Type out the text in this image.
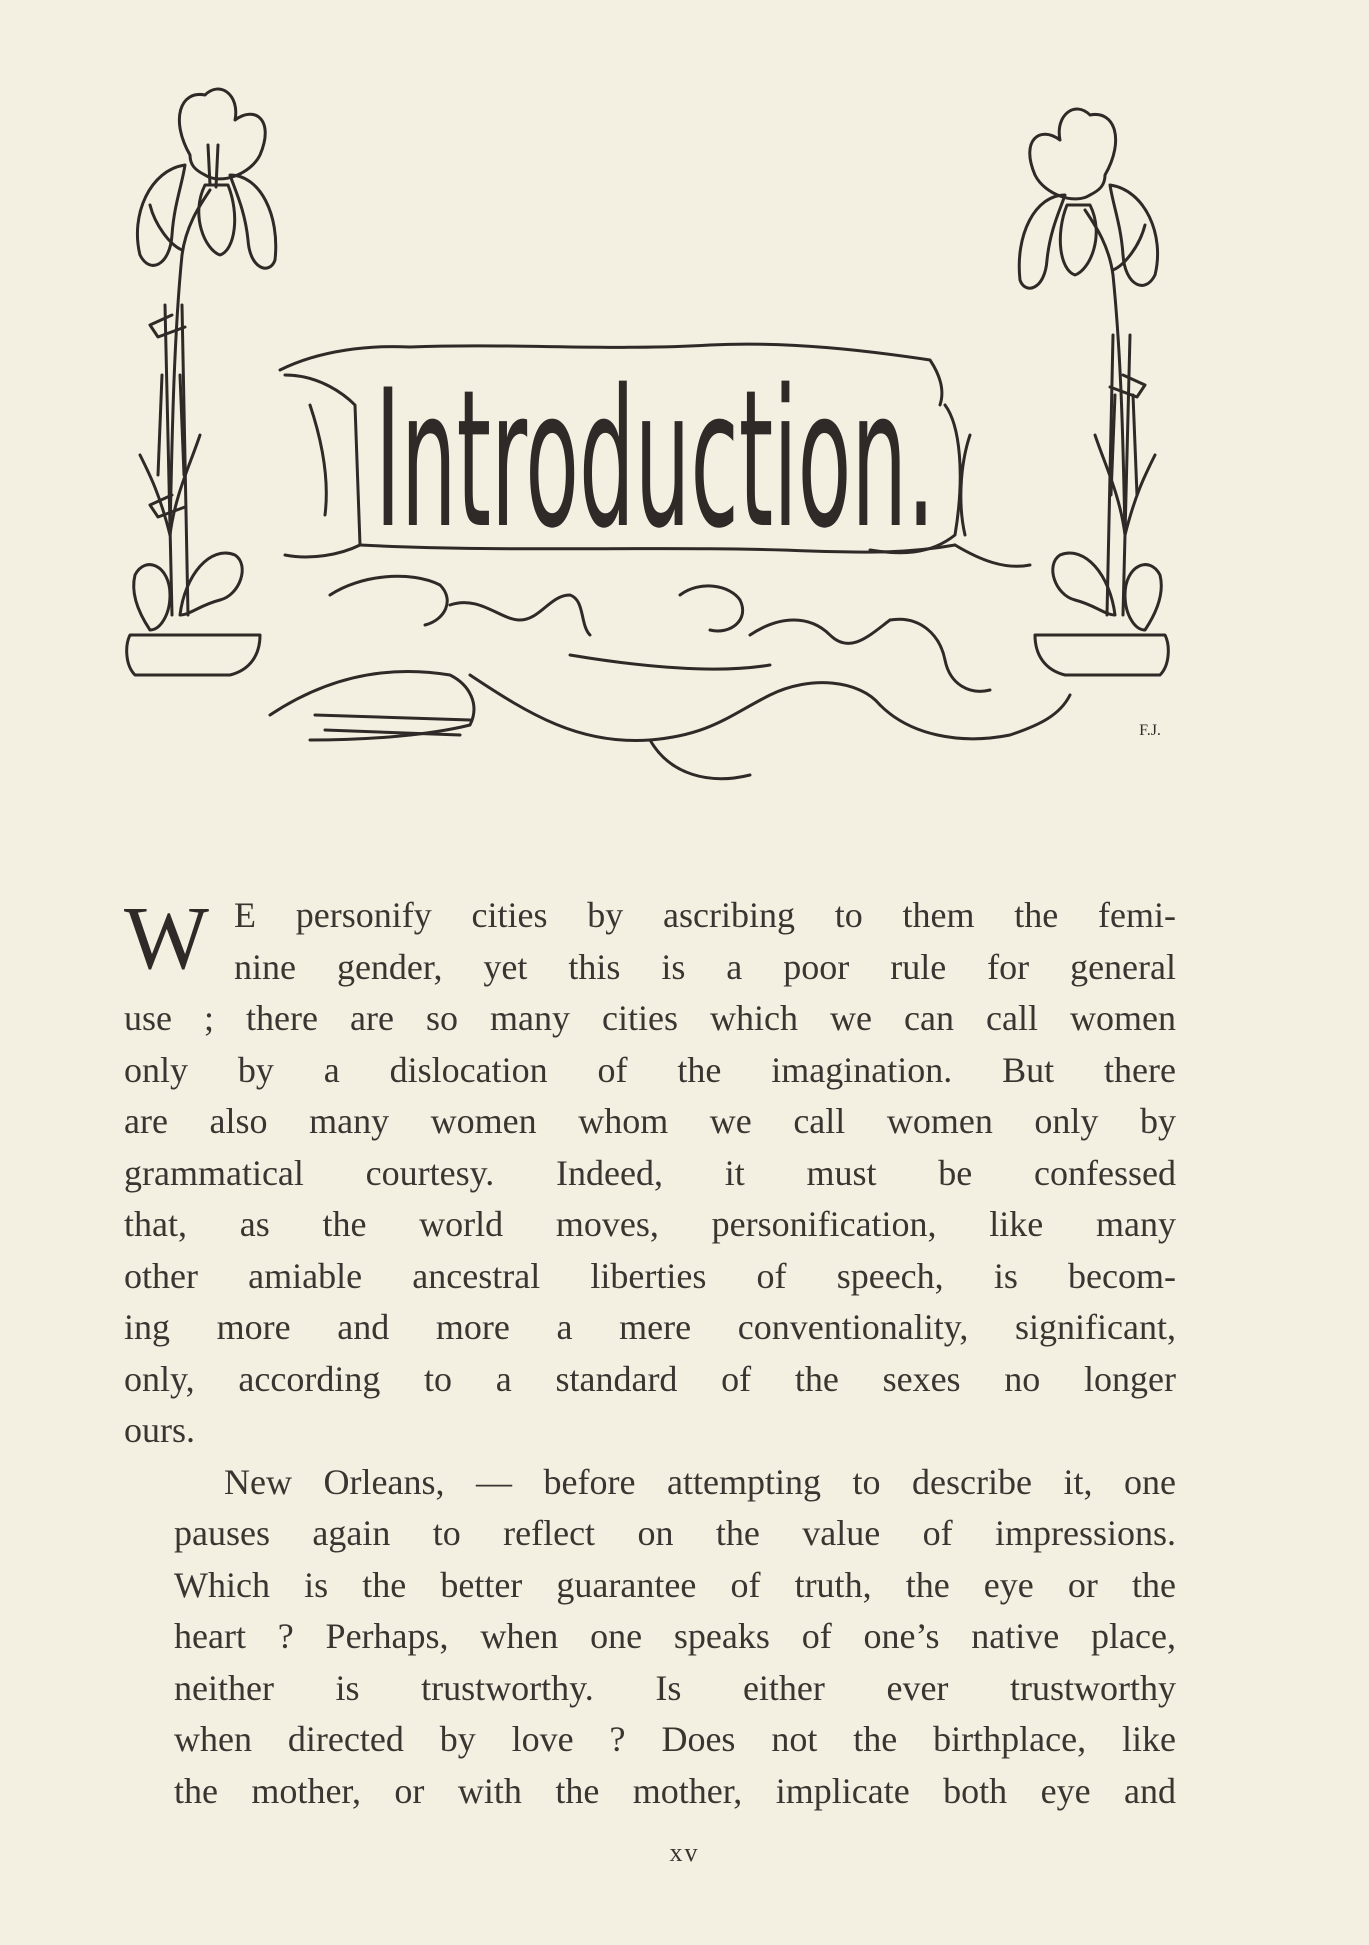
Introduction.
F.J.
W E personify cities by ascribing to them the femi-
nine gender, yet this is a poor rule for general
use ; there are so many cities which we can call women
only by a dislocation of the imagination. But there
are also many women whom we call women only by
grammatical courtesy. Indeed, it must be confessed
that, as the world moves, personification, like many
other amiable ancestral liberties of speech, is becom-
ing more and more a mere conventionality, significant,
only, according to a standard of the sexes no longer
ours.
New Orleans, — before attempting to describe it, one
pauses again to reflect on the value of impressions.
Which is the better guarantee of truth, the eye or the
heart ? Perhaps, when one speaks of one’s native place,
neither is trustworthy. Is either ever trustworthy
when directed by love ? Does not the birthplace, like
the mother, or with the mother, implicate both eye and
xv
